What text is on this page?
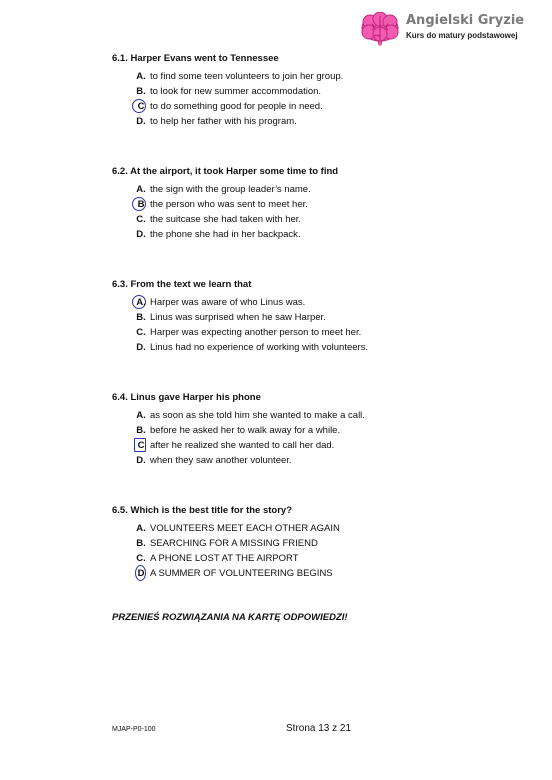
Angielski Gryzie
Kurs do matury podstawowej
6.1. Harper Evans went to Tennessee
A. to find some teen volunteers to join her group.
B. to look for new summer accommodation.
C to do something good for people in need.
D. to help her father with his program.
6.2. At the airport, it took Harper some time to find
A. the sign with the group leader’s name.
B the person who was sent to meet her.
C. the suitcase she had taken with her.
D. the phone she had in her backpack.
6.3. From the text we learn that
A. Harper was aware of who Linus was.
B. Linus was surprised when he saw Harper.
C. Harper was expecting another person to meet her.
D. Linus had no experience of working with volunteers.
6.4. Linus gave Harper his phone
A. as soon as she told him she wanted to make a call.
B. before he asked her to walk away for a while.
C after he realized she wanted to call her dad.
D. when they saw another volunteer.
6.5. Which is the best title for the story?
A. VOLUNTEERS MEET EACH OTHER AGAIN
B. SEARCHING FOR A MISSING FRIEND
C. A PHONE LOST AT THE AIRPORT
D A SUMMER OF VOLUNTEERING BEGINS
PRZENIEŚ ROZWIĄZANIA NA KARTĘ ODPOWIEDZI!
MJAP-P0-100	Strona 13 z 21
